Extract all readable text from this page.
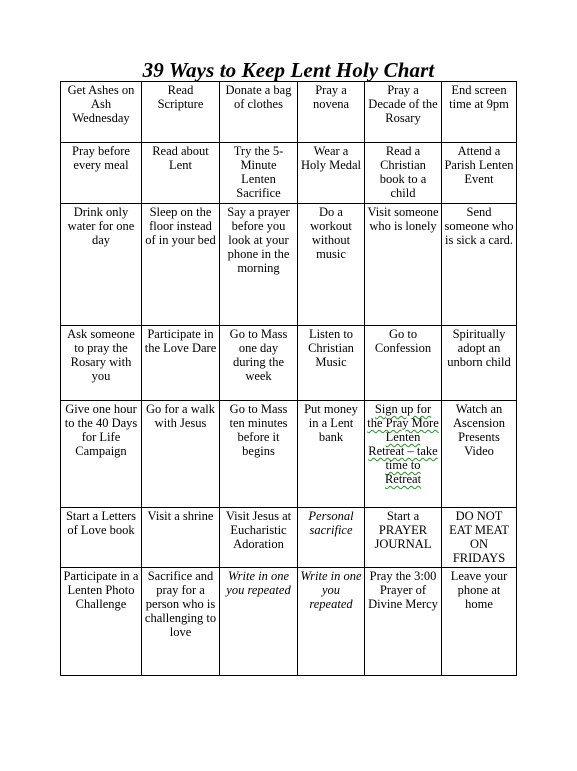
39 Ways to Keep Lent Holy Chart
Get Ashes on Ash Wednesday	Read Scripture	Donate a bag of clothes	Pray a novena	Pray a Decade of the Rosary	End screen time at 9pm
Pray before every meal	Read about Lent	Try the 5-Minute Lenten Sacrifice	Wear a Holy Medal	Read a Christian book to a child	Attend a Parish Lenten Event
Drink only water for one day	Sleep on the floor instead of in your bed	Say a prayer before you look at your phone in the morning	Do a workout without music	Visit someone who is lonely	Send someone who is sick a card.
Ask someone to pray the Rosary with you	Participate in the Love Dare	Go to Mass one day during the week	Listen to Christian Music	Go to Confession	Spiritually adopt an unborn child
Give one hour to the 40 Days for Life Campaign	Go for a walk with Jesus	Go to Mass ten minutes before it begins	Put money in a Lent bank	Sign up for the Pray More Lenten Retreat – take time to Retreat	Watch an Ascension Presents Video
Start a Letters of Love book	Visit a shrine	Visit Jesus at Eucharistic Adoration	Personal sacrifice	Start a PRAYER JOURNAL	DO NOT EAT MEAT ON FRIDAYS
Participate in a Lenten Photo Challenge	Sacrifice and pray for a person who is challenging to love	Write in one you repeated	Write in one you repeated	Pray the 3:00 Prayer of Divine Mercy	Leave your phone at home
